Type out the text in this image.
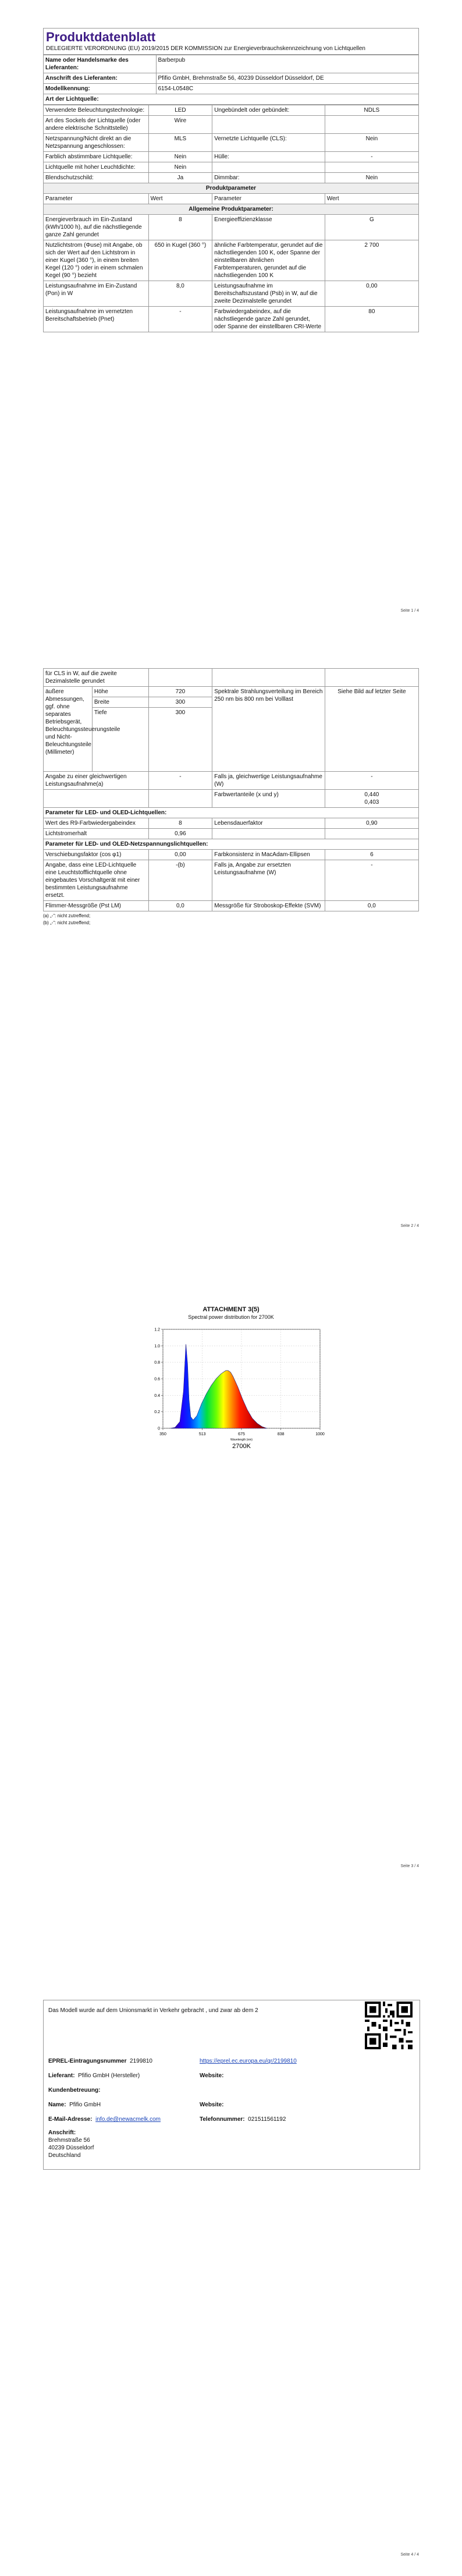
Produktdatenblatt
DELEGIERTE VERORDNUNG (EU) 2019/2015 DER KOMMISSION zur Energieverbrauchskennzeichnung von Lichtquellen
Name oder Handelsmarke des Lieferanten:	Barberpub
Anschrift des Lieferanten:	Pfifio GmbH, Brehmstraße 56, 40239 Düsseldorf Düsseldorf, DE
Modellkennung:	6154-L0548C
Art der Lichtquelle:	
Verwendete Beleuchtungstechnologie:	LED	Ungebündelt oder gebündelt:	NDLS
Art des Sockels der Lichtquelle (oder andere elektrische Schnittstelle)	Wire		
Netzspannung/Nicht direkt an die Netzspannung angeschlossen:	MLS	Vernetzte Lichtquelle (CLS):	Nein
Farblich abstimmbare Lichtquelle:	Nein	Hülle:	-
Lichtquelle mit hoher Leuchtdichte:	Nein		
Blendschutzschild:	Ja	Dimmbar:	Nein
Produktparameter			
Parameter	Wert	Parameter	Wert
Allgemeine Produktparameter:			
Energieverbrauch im Ein-Zustand (kWh/1000 h), auf die nächstliegende ganze Zahl gerundet	8	Energieeffizienzklasse	G
Nutzlichtstrom (Φuse) mit Angabe, ob sich der Wert auf den Lichtstrom in einer Kugel (360 °), in einem breiten Kegel (120 °) oder in einem schmalen Kegel (90 °) bezieht	650 in Kugel (360 °)	ähnliche Farbtemperatur, gerundet auf die nächstliegenden 100 K, oder Spanne der einstellbaren ähnlichen Farbtemperaturen, gerundet auf die nächstliegenden 100 K	2 700
Leistungsaufnahme im Ein-Zustand (Pon) in W	8,0	Leistungsaufnahme im Bereitschaftszustand (Psb) in W, auf die zweite Dezimalstelle gerundet	0,00
Leistungsaufnahme im vernetzten Bereitschaftsbetrieb (Pnet)	-	Farbwiedergabeindex, auf die nächstliegende ganze Zahl gerundet, oder Spanne der einstellbaren CRI-Werte	80
Seite 1 / 4
für CLS in W, auf die zweite Dezimalstelle gerundet				
äußere Abmessungen, ggf. ohne separates Betriebsgerät, Beleuchtungssteuerungsteile und Nicht-Beleuchtungsteile (Millimeter)	Höhe	720	Spektrale Strahlungsverteilung im Bereich 250 nm bis 800 nm bei Volllast	Siehe Bild auf letzter Seite
	Breite	300		
	Tiefe	300		
Angabe zu einer gleichwertigen Leistungsaufnahme(a)		-	Falls ja, gleichwertige Leistungsaufnahme (W)	-
			Farbwertanteile (x und y)	0,440
0,403

Parameter für LED- und OLED-Lichtquellen:				
Wert des R9-Farbwiedergabeindex		8	Lebensdauerfaktor	0,90
Lichtstromerhalt		0,96		
Parameter für LED- und OLED-Netzspannungslichtquellen:				
Verschiebungsfaktor (cos φ1)		0,00	Farbkonsistenz in MacAdam-Ellipsen	6
Angabe, dass eine LED-Lichtquelle eine Leuchtstofflichtquelle ohne eingebautes Vorschaltgerät mit einer bestimmten Leistungsaufnahme ersetzt.		-(b)	Falls ja, Angabe zur ersetzten Leistungsaufnahme (W)	-
Flimmer-Messgröße (Pst LM)		0,0	Messgröße für Stroboskop-Effekte (SVM)	0,0
(a) „-“: nicht zutreffend;
(b) „-“: nicht zutreffend;
Seite 2 / 4
ATTACHMENT 3(5)
Spectral power distribution for 2700K
350	513	675	838	1000
0
0.2
0.4
0.6
0.8
1.0
1.2
Wavelength (nm)
2700K
Seite 3 / 4
Das Modell wurde auf dem Unionsmarkt in Verkehr gebracht , und zwar ab dem 2
EPREL-Eintragungsnummer 2199810	https://eprel.ec.europa.eu/qr/2199810
Lieferant: Pfifio GmbH (Hersteller)	Website:
Kundenbetreuung:	
Name: Pfifio GmbH	Website:
E-Mail-Adresse: info.de@newacmelk.com	Telefonnummer: 021511561192

Anschrift:
Brehmstraße 56
40239 Düsseldorf
Deutschland	
Seite 4 / 4
